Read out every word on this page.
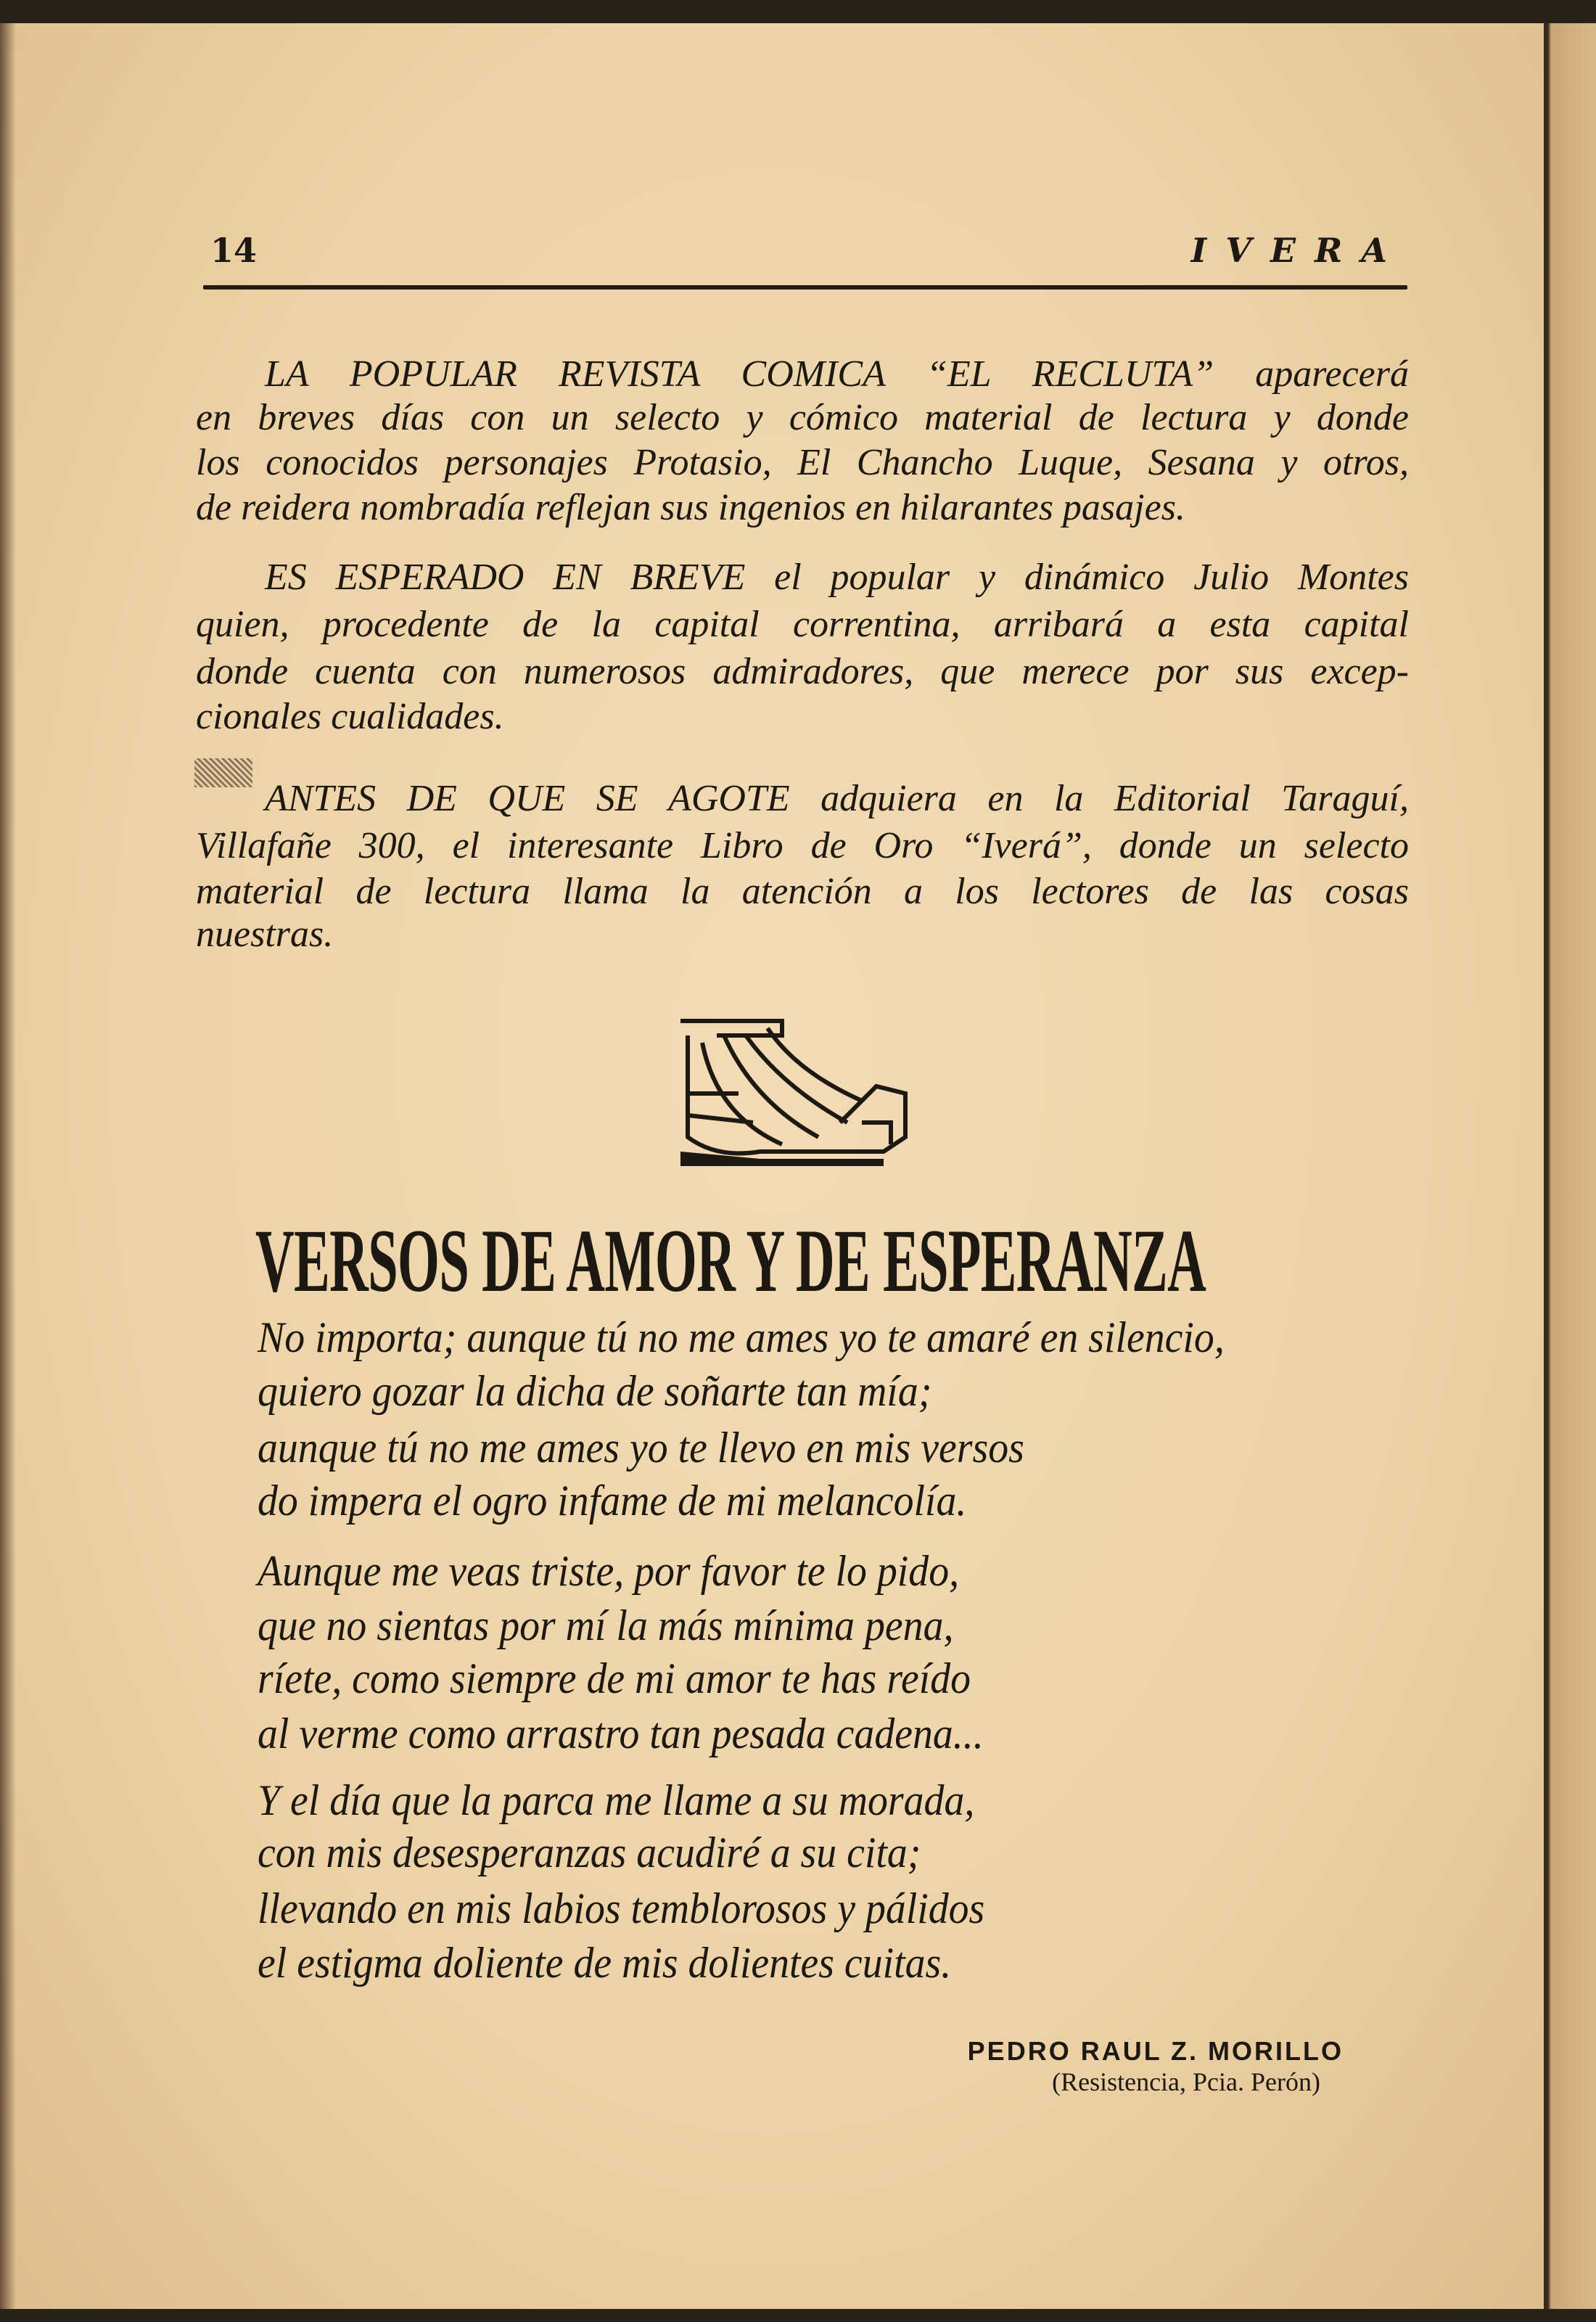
14	IVERA
LA POPULAR REVISTA COMICA “EL RECLUTA” aparecerá
en breves días con un selecto y cómico material de lectura y donde
los conocidos personajes Protasio, El Chancho Luque, Sesana y otros,
de reidera nombradía reflejan sus ingenios en hilarantes pasajes.
ES ESPERADO EN BREVE el popular y dinámico Julio Montes
quien, procedente de la capital correntina, arribará a esta capital
donde cuenta con numerosos admiradores, que merece por sus excep-
cionales cualidades.
ANTES DE QUE SE AGOTE adquiera en la Editorial Taraguí,
Villafañe 300, el interesante Libro de Oro “Iverá”, donde un selecto
material de lectura llama la atención a los lectores de las cosas
nuestras.
VERSOS DE AMOR Y DE ESPERANZA
No importa; aunque tú no me ames yo te amaré en silencio,
quiero gozar la dicha de soñarte tan mía;
aunque tú no me ames yo te llevo en mis versos
do impera el ogro infame de mi melancolía.
Aunque me veas triste, por favor te lo pido,
que no sientas por mí la más mínima pena,
ríete, como siempre de mi amor te has reído
al verme como arrastro tan pesada cadena...
Y el día que la parca me llame a su morada,
con mis desesperanzas acudiré a su cita;
llevando en mis labios temblorosos y pálidos
el estigma doliente de mis dolientes cuitas.
PEDRO RAUL Z. MORILLO
(Resistencia, Pcia. Perón)
